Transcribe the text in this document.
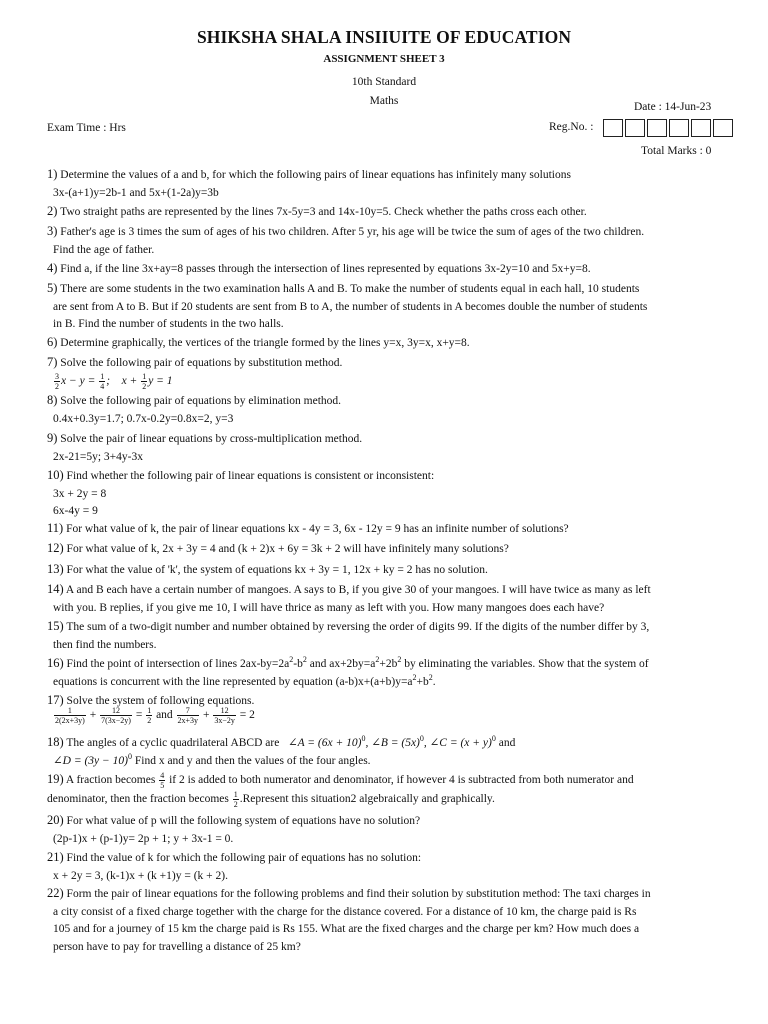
SHIKSHA SHALA INSIIUITE OF EDUCATION
ASSIGNMENT SHEET 3
10th Standard
Maths	Date : 14-Jun-23
Exam Time : Hrs	Reg.No. :
Total Marks : 0
1) Determine the values of a and b, for which the following pairs of linear equations has infinitely many solutions
3x-(a+1)y=2b-1 and 5x+(1-2a)y=3b
2) Two straight paths are represented by the lines 7x-5y=3 and 14x-10y=5. Check whether the paths cross each other.
3) Father's age is 3 times the sum of ages of his two children. After 5 yr, his age will be twice the sum of ages of the two children.
Find the age of father.
4) Find a, if the line 3x+ay=8 passes through the intersection of lines represented by equations 3x-2y=10 and 5x+y=8.
5) There are some students in the two examination halls A and B. To make the number of students equal in each hall, 10 students
are sent from A to B. But if 20 students are sent from B to A, the number of students in A becomes double the number of students
in B. Find the number of students in the two halls.
6) Determine graphically, the vertices of the triangle formed by the lines y=x, 3y=x, x+y=8.
7) Solve the following pair of equations by substitution method.
$\frac{3}{2}$ $x - y = \frac{1}{4}$ ;    $x + \frac{1}{2}$ y = 1
8) Solve the following pair of equations by elimination method.
0.4x+0.3y=1.7; 0.7x-0.2y=0.8x=2, y=3
9) Solve the pair of linear equations by cross-multiplication method.
2x-21=5y; 3+4y-3x
10) Find whether the following pair of linear equations is consistent or inconsistent:
3x + 2y = 8
6x-4y = 9
11) For what value of k, the pair of linear equations kx - 4y = 3, 6x - 12y = 9 has an infinite number of solutions?
12) For what value of k, 2x + 3y = 4 and (k + 2)x + 6y = 3k + 2 will have infinitely many solutions?
13) For what the value of 'k', the system of equations kx + 3y = 1, 12x + ky = 2 has no solution.
14) A and B each have a certain number of mangoes. A says to B, if you give 30 of your mangoes. I will have twice as many as left
with you. B replies, if you give me 10, I will have thrice as many as left with you. How many mangoes does each have?
15) The sum of a two-digit number and number obtained by reversing the order of digits 99. If the digits of the number differ by 3,
then find the numbers.
16) Find the point of intersection of lines $2ax-by=2a^2-b^2$ and $ax+2by=a^2+2b^2$ by eliminating the variables. Show that the system of
equations is concurrent with the line represented by equation $(a-b)x+(a+b)y=a^2+b^2$.
17) Solve the system of following equations.
$\frac{1}{2(2x+3y)} + \frac{12}{7(3x-2y)} = \frac{1}{2}$ and $\frac{7}{2x+3y} + \frac{12}{3x-2y} = 2$
18) The angles of a cyclic quadrilateral ABCD are ∠A = $(6x + 10)^0$, ∠B = $(5x)^0$, ∠C = $(x + y)^0$ and
∠D = $(3y - 10)^0$ Find x and y and then the values of the four angles.
19) A fraction becomes $\frac{4}{5}$ if 2 is added to both numerator and denominator, if however 4 is subtracted from both numerator and
denominator, then the fraction becomes $\frac{1}{2}$ .Represent this situation2 algebraically and graphically.
20) For what value of p will the following system of equations have no solution?
(2p-1)x + (p-1)y= 2p + 1; y + 3x-1 = 0.
21) Find the value of k for which the following pair of equations has no solution:
x + 2y = 3, (k-1)x + (k +1)y = (k + 2).
22) Form the pair of linear equations for the following problems and find their solution by substitution method: The taxi charges in
a city consist of a fixed charge together with the charge for the distance covered. For a distance of 10 km, the charge paid is Rs
105 and for a journey of 15 km the charge paid is Rs 155. What are the fixed charges and the charge per km? How much does a
person have to pay for travelling a distance of 25 km?
